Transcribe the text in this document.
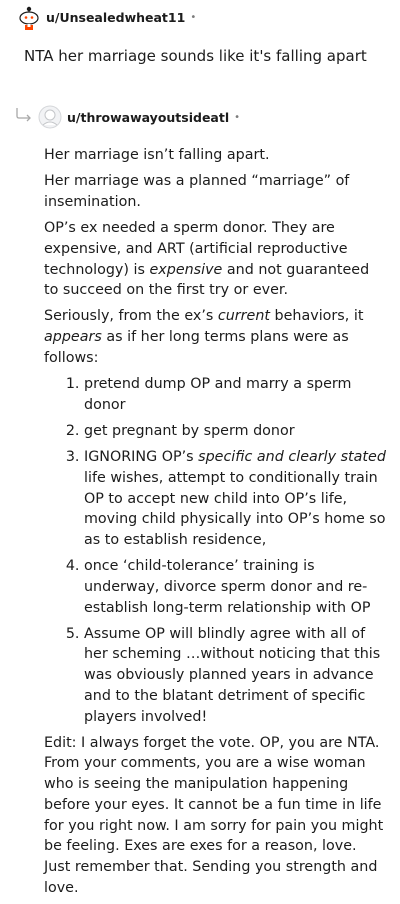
u/Unsealedwheat11 •
NTA her marriage sounds like it's falling apart
u/throwawayoutsideatl •

Her marriage isn’t falling apart.

Her marriage was a planned “marriage” of insemination.

OP’s ex needed a sperm donor. They are expensive, and ART (artificial reproductive technology) is expensive and not guaranteed to succeed on the first try or ever.

Seriously, from the ex’s current behaviors, it appears as if her long terms plans were as follows:

1. pretend dump OP and marry a sperm donor
2. get pregnant by sperm donor
3. IGNORING OP’s specific and clearly stated life wishes, attempt to conditionally train OP to accept new child into OP’s life, moving child physically into OP’s home so as to establish residence,
4. once ‘child-tolerance’ training is underway, divorce sperm donor and re-establish long-term relationship with OP
5. Assume OP will blindly agree with all of her scheming …without noticing that this was obviously planned years in advance and to the blatant detriment of specific players involved!

Edit: I always forget the vote. OP, you are NTA. From your comments, you are a wise woman who is seeing the manipulation happening before your eyes. It cannot be a fun time in life for you right now. I am sorry for pain you might be feeling. Exes are exes for a reason, love. Just remember that. Sending you strength and love.
